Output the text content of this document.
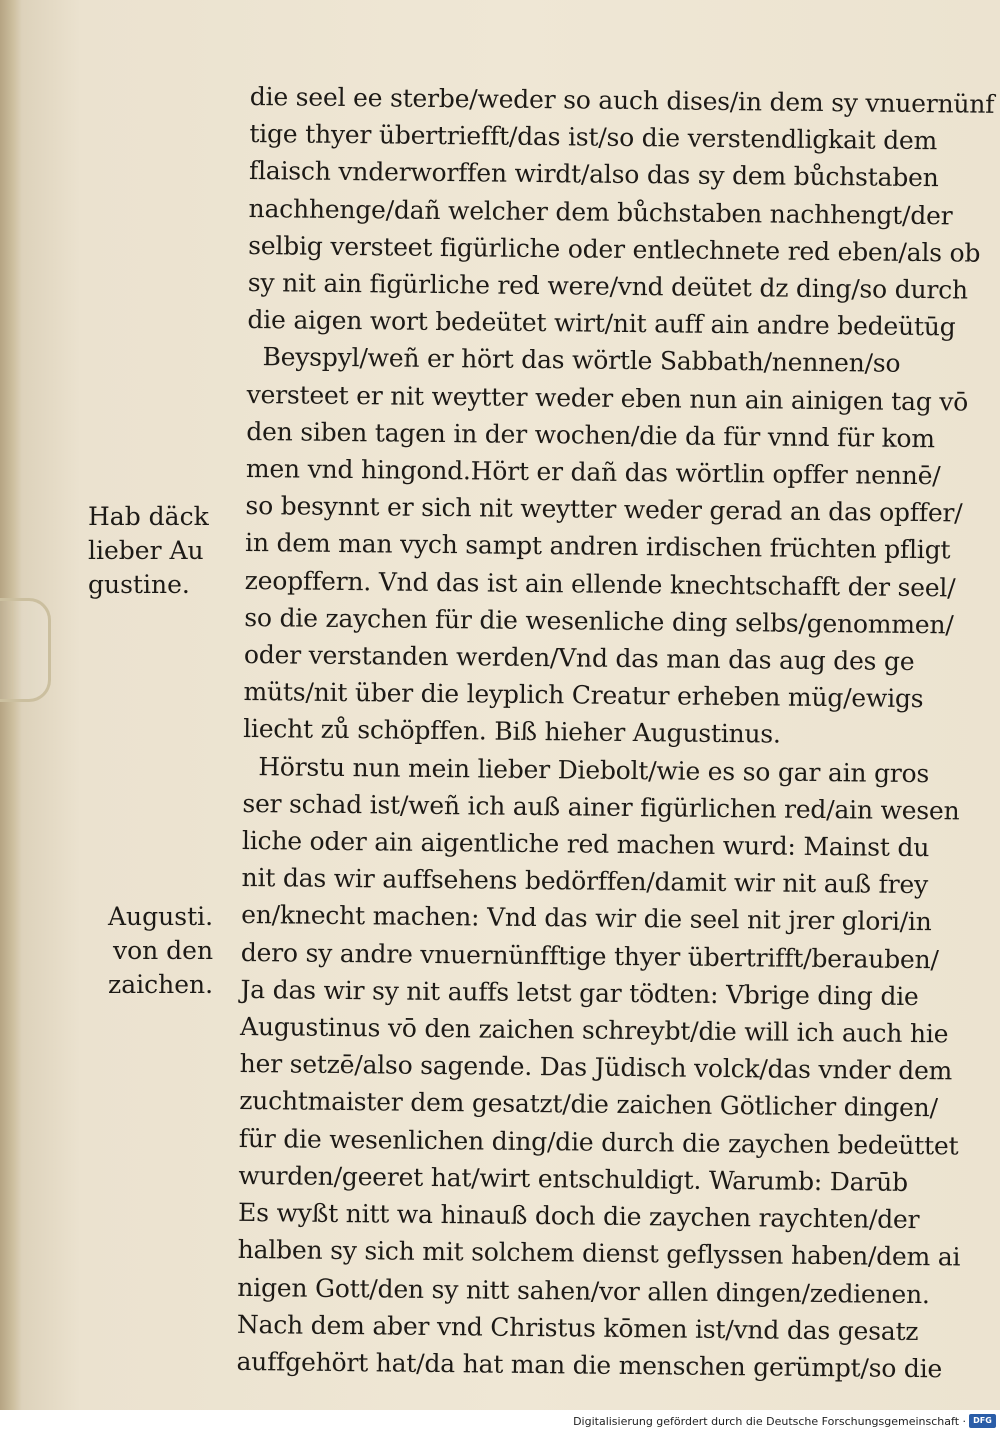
die seel ee sterbe/weder so auch dises/in dem sy vnuernünf
tige thyer übertriefft/das ist/so die verstendligkait dem
flaisch vnderworffen wirdt/also das sy dem bůchstaben
nachhenge/dañ welcher dem bůchstaben nachhengt/der
selbig versteet figürliche oder entlechnete red eben/als ob
sy nit ain figürliche red were/vnd deütet dz ding/so durch
die aigen wort bedeütet wirt/nit auff ain andre bedeütūg
Beyspyl/weñ er hört das wörtle Sabbath/nennen/so
versteet er nit weytter weder eben nun ain ainigen tag vō
den siben tagen in der wochen/die da für vnnd für kom
men vnd hingond.Hört er dañ das wörtlin opffer nennē/
so besynnt er sich nit weytter weder gerad an das opffer/
in dem man vych sampt andren irdischen früchten pfligt
zeopffern. Vnd das ist ain ellende knechtschafft der seel/
so die zaychen für die wesenliche ding selbs/genommen/
oder verstanden werden/Vnd das man das aug des ge
müts/nit über die leyplich Creatur erheben müg/ewigs
liecht zů schöpffen. Biß hieher Augustinus.
Hörstu nun mein lieber Diebolt/wie es so gar ain gros
ser schad ist/weñ ich auß ainer figürlichen red/ain wesen
liche oder ain aigentliche red machen wurd: Mainst du
nit das wir auffsehens bedörffen/damit wir nit auß frey
en/knecht machen: Vnd das wir die seel nit jrer glori/in
dero sy andre vnuernünfftige thyer übertrifft/berauben/
Ja das wir sy nit auffs letst gar tödten: Vbrige ding die
Augustinus vō den zaichen schreybt/die will ich auch hie
her setzē/also sagende. Das Jüdisch volck/das vnder dem
zuchtmaister dem gesatzt/die zaichen Götlicher dingen/
für die wesenlichen ding/die durch die zaychen bedeüttet
wurden/geeret hat/wirt entschuldigt. Warumb: Darūb
Es wyßt nitt wa hinauß doch die zaychen raychten/der
halben sy sich mit solchem dienst geflyssen haben/dem ai
nigen Gott/den sy nitt sahen/vor allen dingen/zedienen.
Nach dem aber vnd Christus kōmen ist/vnd das gesatz
auffgehört hat/da hat man die menschen gerümpt/so die
Hab däck
lieber Au
gustine.
Augusti.
von den
zaichen.
Digitalisierung gefördert durch die Deutsche Forschungsgemeinschaft · DFG
